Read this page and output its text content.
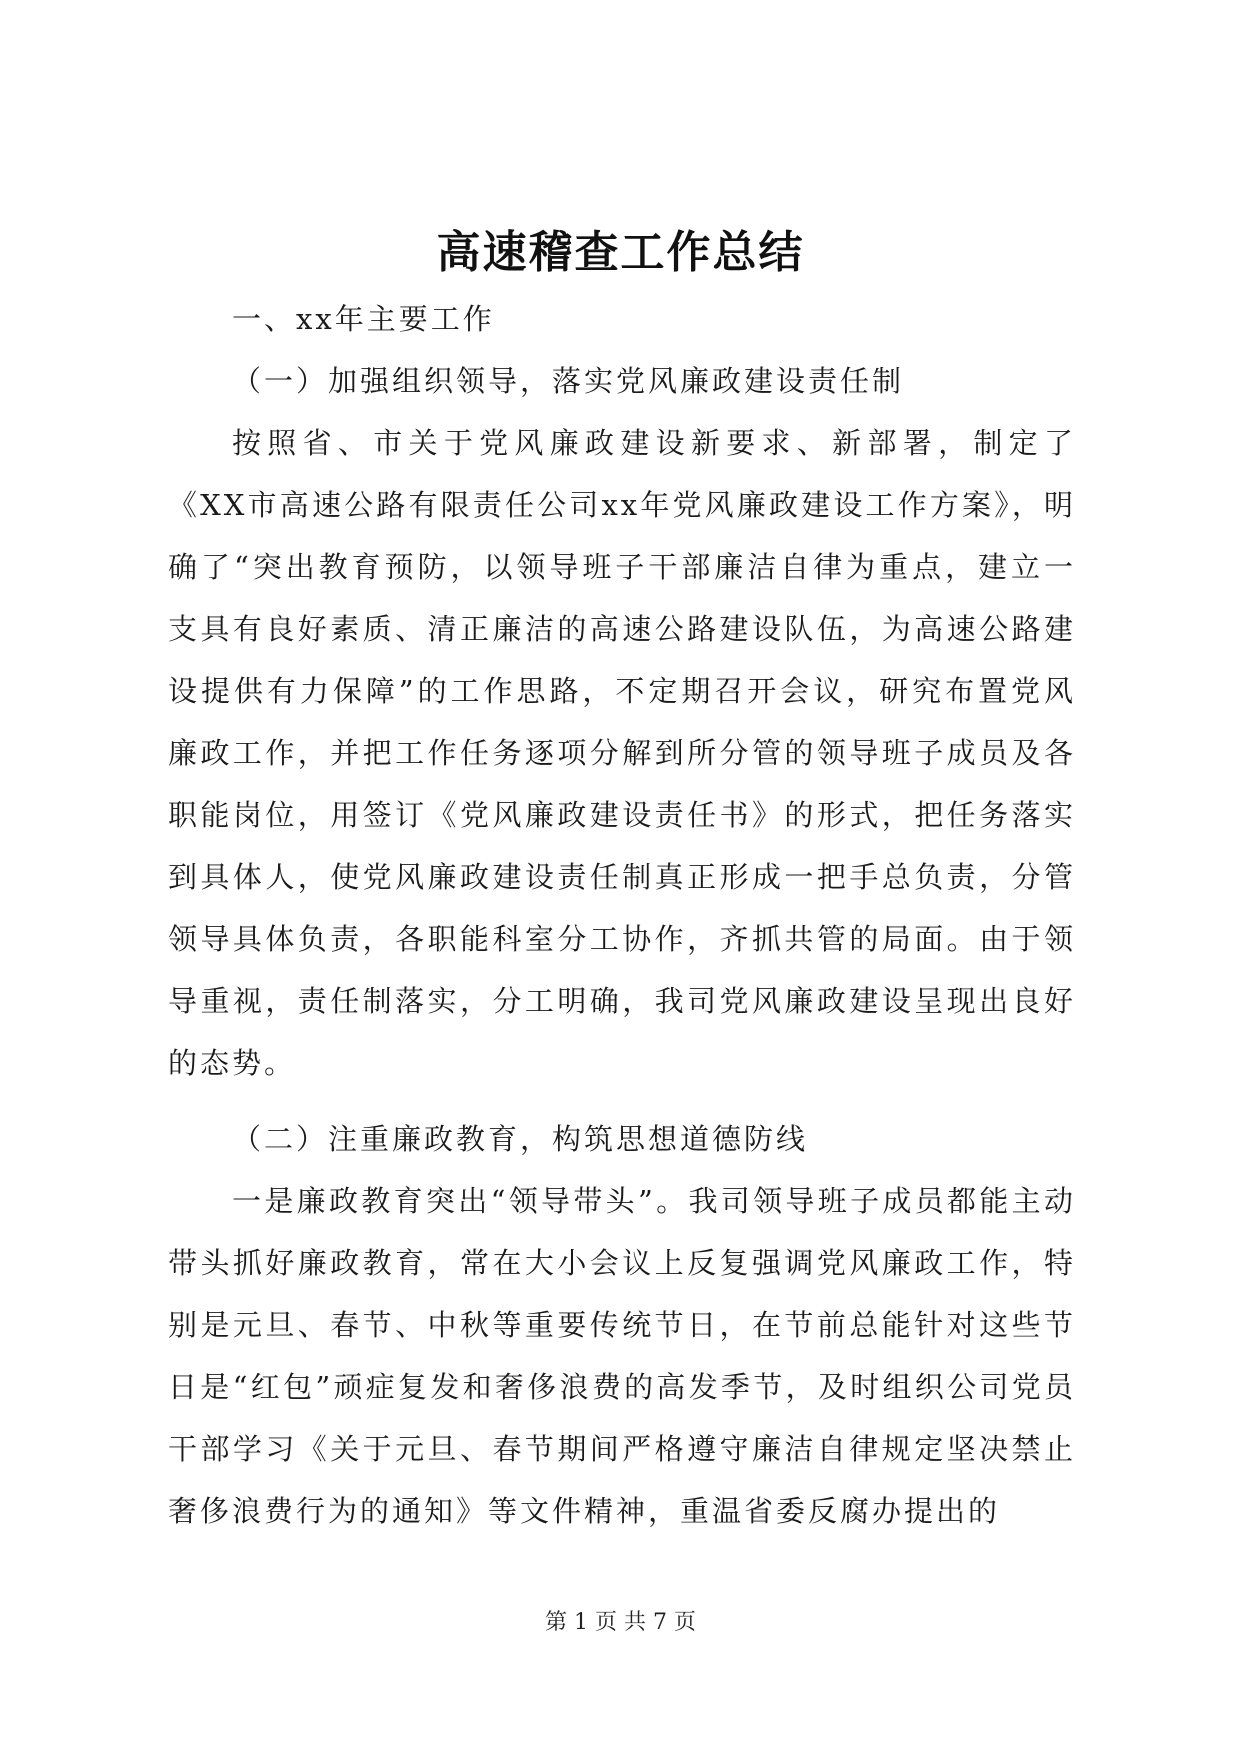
高速稽查工作总结

一、xx年主要工作

（一）加强组织领导，落实党风廉政建设责任制

按照省、市关于党风廉政建设新要求、新部署，制定了《XX市高速公路有限责任公司xx年党风廉政建设工作方案》，明确了“突出教育预防，以领导班子干部廉洁自律为重点，建立一支具有良好素质、清正廉洁的高速公路建设队伍，为高速公路建设提供有力保障”的工作思路，不定期召开会议，研究布置党风廉政工作，并把工作任务逐项分解到所分管的领导班子成员及各职能岗位，用签订《党风廉政建设责任书》的形式，把任务落实到具体人，使党风廉政建设责任制真正形成一把手总负责，分管领导具体负责，各职能科室分工协作，齐抓共管的局面。由于领导重视，责任制落实，分工明确，我司党风廉政建设呈现出良好的态势。

（二）注重廉政教育，构筑思想道德防线

一是廉政教育突出“领导带头”。我司领导班子成员都能主动带头抓好廉政教育，常在大小会议上反复强调党风廉政工作，特别是元旦、春节、中秋等重要传统节日，在节前总能针对这些节日是“红包”顽症复发和奢侈浪费的高发季节，及时组织公司党员干部学习《关于元旦、春节期间严格遵守廉洁自律规定坚决禁止奢侈浪费行为的通知》等文件精神，重温省委反腐办提出的

第 1 页 共 7 页
